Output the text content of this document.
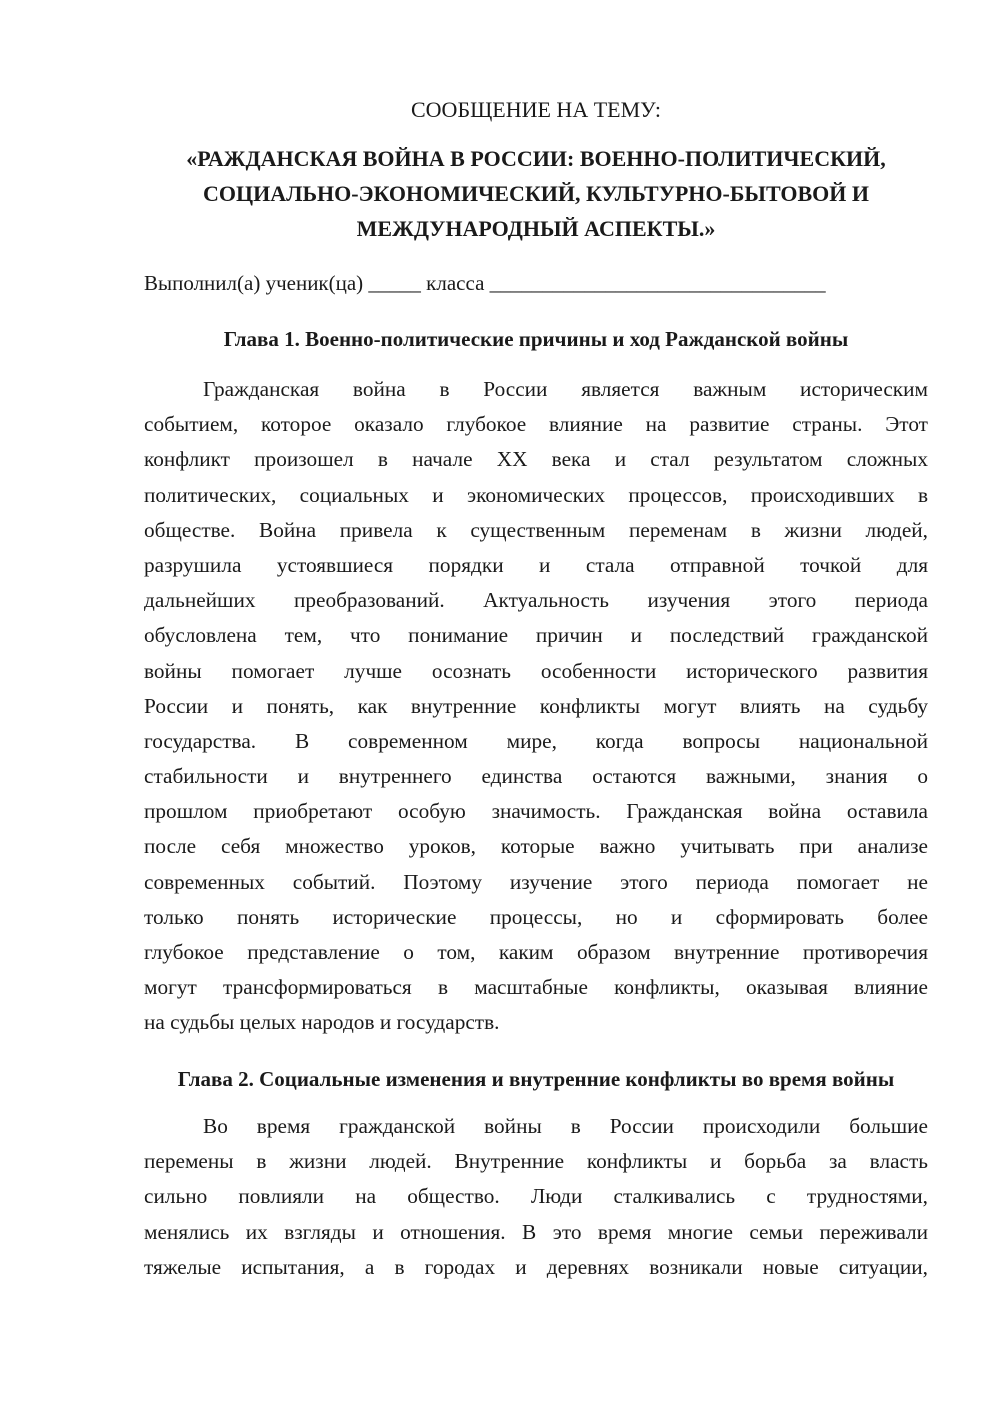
СООБЩЕНИЕ НА ТЕМУ:
«РАЖДАНСКАЯ ВОЙНА В РОССИИ: ВОЕННО-ПОЛИТИЧЕСКИЙ,
СОЦИАЛЬНО-ЭКОНОМИЧЕСКИЙ, КУЛЬТУРНО-БЫТОВОЙ И
МЕЖДУНАРОДНЫЙ АСПЕКТЫ.»
Выполнил(а) ученик(ца) _____ класса ________________________________
Глава 1. Военно-политические причины и ход Ражданской войны
Гражданская война в России является важным историческим
событием, которое оказало глубокое влияние на развитие страны. Этот
конфликт произошел в начале XX века и стал результатом сложных
политических, социальных и экономических процессов, происходивших в
обществе. Война привела к существенным переменам в жизни людей,
разрушила устоявшиеся порядки и стала отправной точкой для
дальнейших преобразований. Актуальность изучения этого периода
обусловлена тем, что понимание причин и последствий гражданской
войны помогает лучше осознать особенности исторического развития
России и понять, как внутренние конфликты могут влиять на судьбу
государства. В современном мире, когда вопросы национальной
стабильности и внутреннего единства остаются важными, знания о
прошлом приобретают особую значимость. Гражданская война оставила
после себя множество уроков, которые важно учитывать при анализе
современных событий. Поэтому изучение этого периода помогает не
только понять исторические процессы, но и сформировать более
глубокое представление о том, каким образом внутренние противоречия
могут трансформироваться в масштабные конфликты, оказывая влияние
на судьбы целых народов и государств.
Глава 2. Социальные изменения и внутренние конфликты во время войны
Во время гражданской войны в России происходили большие
перемены в жизни людей. Внутренние конфликты и борьба за власть
сильно повлияли на общество. Люди сталкивались с трудностями,
менялись их взгляды и отношения. В это время многие семьи переживали
тяжелые испытания, а в городах и деревнях возникали новые ситуации,
